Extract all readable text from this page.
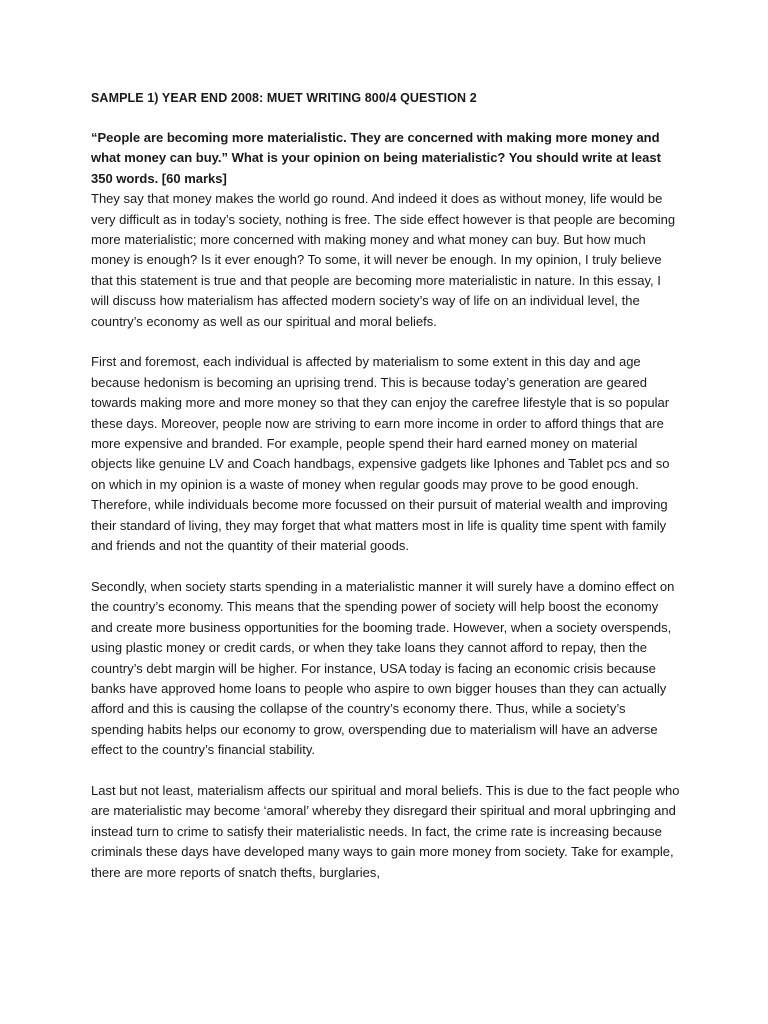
SAMPLE 1) YEAR END 2008: MUET WRITING 800/4 QUESTION 2
“People are becoming more materialistic. They are concerned with making more money and what money can buy.” What is your opinion on being materialistic? You should write at least 350 words. [60 marks]

They say that money makes the world go round. And indeed it does as without money, life would be very difficult as in today’s society, nothing is free. The side effect however is that people are becoming more materialistic; more concerned with making money and what money can buy. But how much money is enough? Is it ever enough? To some, it will never be enough. In my opinion, I truly believe that this statement is true and that people are becoming more materialistic in nature. In this essay, I will discuss how materialism has affected modern society’s way of life on an individual level, the country’s economy as well as our spiritual and moral beliefs.

First and foremost, each individual is affected by materialism to some extent in this day and age because hedonism is becoming an uprising trend. This is because today’s generation are geared towards making more and more money so that they can enjoy the carefree lifestyle that is so popular these days. Moreover, people now are striving to earn more income in order to afford things that are more expensive and branded. For example, people spend their hard earned money on material objects like genuine LV and Coach handbags, expensive gadgets like Iphones and Tablet pcs and so on which in my opinion is a waste of money when regular goods may prove to be good enough. Therefore, while individuals become more focussed on their pursuit of material wealth and improving their standard of living, they may forget that what matters most in life is quality time spent with family and friends and not the quantity of their material goods.

Secondly, when society starts spending in a materialistic manner it will surely have a domino effect on the country’s economy. This means that the spending power of society will help boost the economy and create more business opportunities for the booming trade. However, when a society overspends, using plastic money or credit cards, or when they take loans they cannot afford to repay, then the country’s debt margin will be higher. For instance, USA today is facing an economic crisis because banks have approved home loans to people who aspire to own bigger houses than they can actually afford and this is causing the collapse of the country’s economy there. Thus, while a society’s spending habits helps our economy to grow, overspending due to materialism will have an adverse effect to the country’s financial stability.

Last but not least, materialism affects our spiritual and moral beliefs. This is due to the fact people who are materialistic may become ‘amoral’ whereby they disregard their spiritual and moral upbringing and instead turn to crime to satisfy their materialistic needs. In fact, the crime rate is increasing because criminals these days have developed many ways to gain more money from society. Take for example, there are more reports of snatch thefts, burglaries,
